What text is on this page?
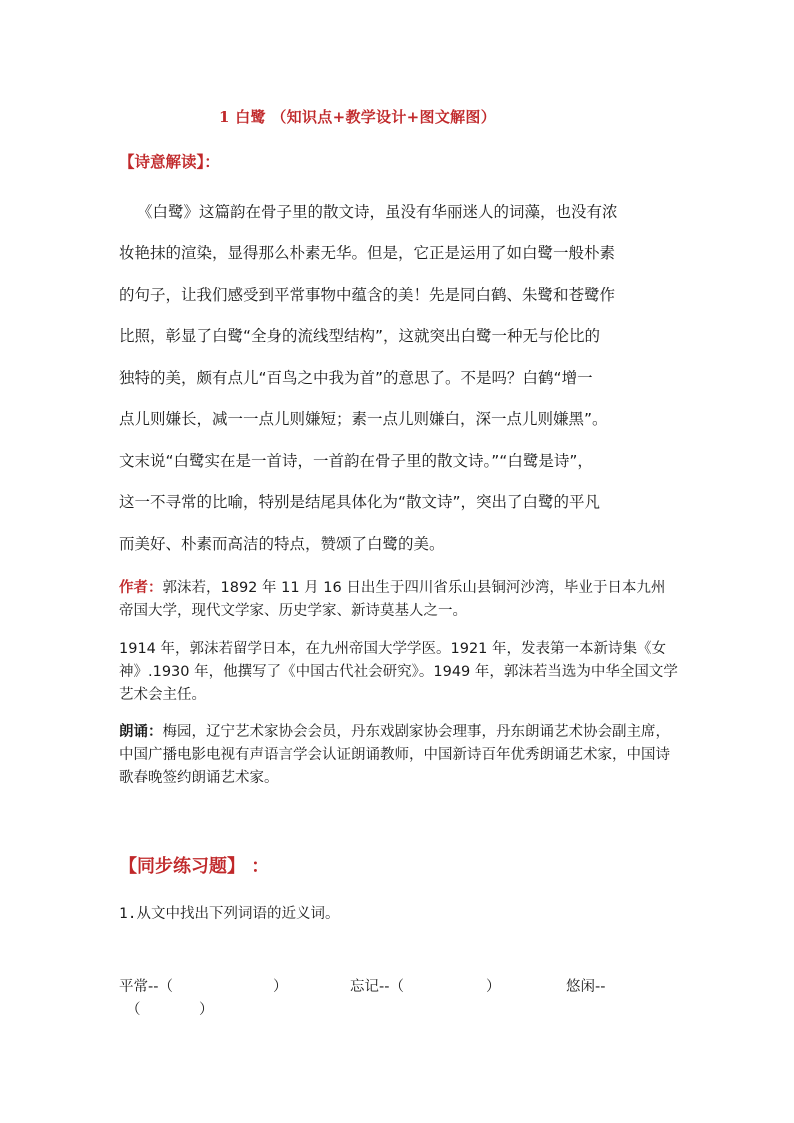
1 白鹭 （知识点+教学设计+图文解图）
【诗意解读】：
《白鹭》这篇韵在骨子里的散文诗，虽没有华丽迷人的词藻，也没有浓
妆艳抹的渲染，显得那么朴素无华。但是，它正是运用了如白鹭一般朴素
的句子，让我们感受到平常事物中蕴含的美！先是同白鹤、朱鹭和苍鹭作
比照，彰显了白鹭“全身的流线型结构”，这就突出白鹭一种无与伦比的
独特的美，颇有点儿“百鸟之中我为首”的意思了。不是吗？白鹤“增一
点儿则嫌长，减一一点儿则嫌短；素一点儿则嫌白，深一点儿则嫌黑”。
文末说“白鹭实在是一首诗，一首韵在骨子里的散文诗。”“白鹭是诗”，
这一不寻常的比喻，特别是结尾具体化为“散文诗”，突出了白鹭的平凡
而美好、朴素而高洁的特点，赞颂了白鹭的美。
作者：郭沫若，1892 年 11 月 16 日出生于四川省乐山县铜河沙湾，毕业于日本九州帝国大学，现代文学家、历史学家、新诗莫基人之一。
1914 年，郭沫若留学日本，在九州帝国大学学医。1921 年，发表第一本新诗集《女神》.1930 年，他撰写了《中国古代社会研究》。1949 年，郭沫若当选为中华全国文学艺术会主任。
朗诵：梅园，辽宁艺术家协会会员，丹东戏剧家协会理事，丹东朗诵艺术协会副主席，中国广播电影电视有声语言学会认证朗诵教师，中国新诗百年优秀朗诵艺术家，中国诗歌春晚签约朗诵艺术家。
【同步练习题】 ：
1.从文中找出下列词语的近义词。
平常--（	）	忘记--（	）	悠闲--
（	）
